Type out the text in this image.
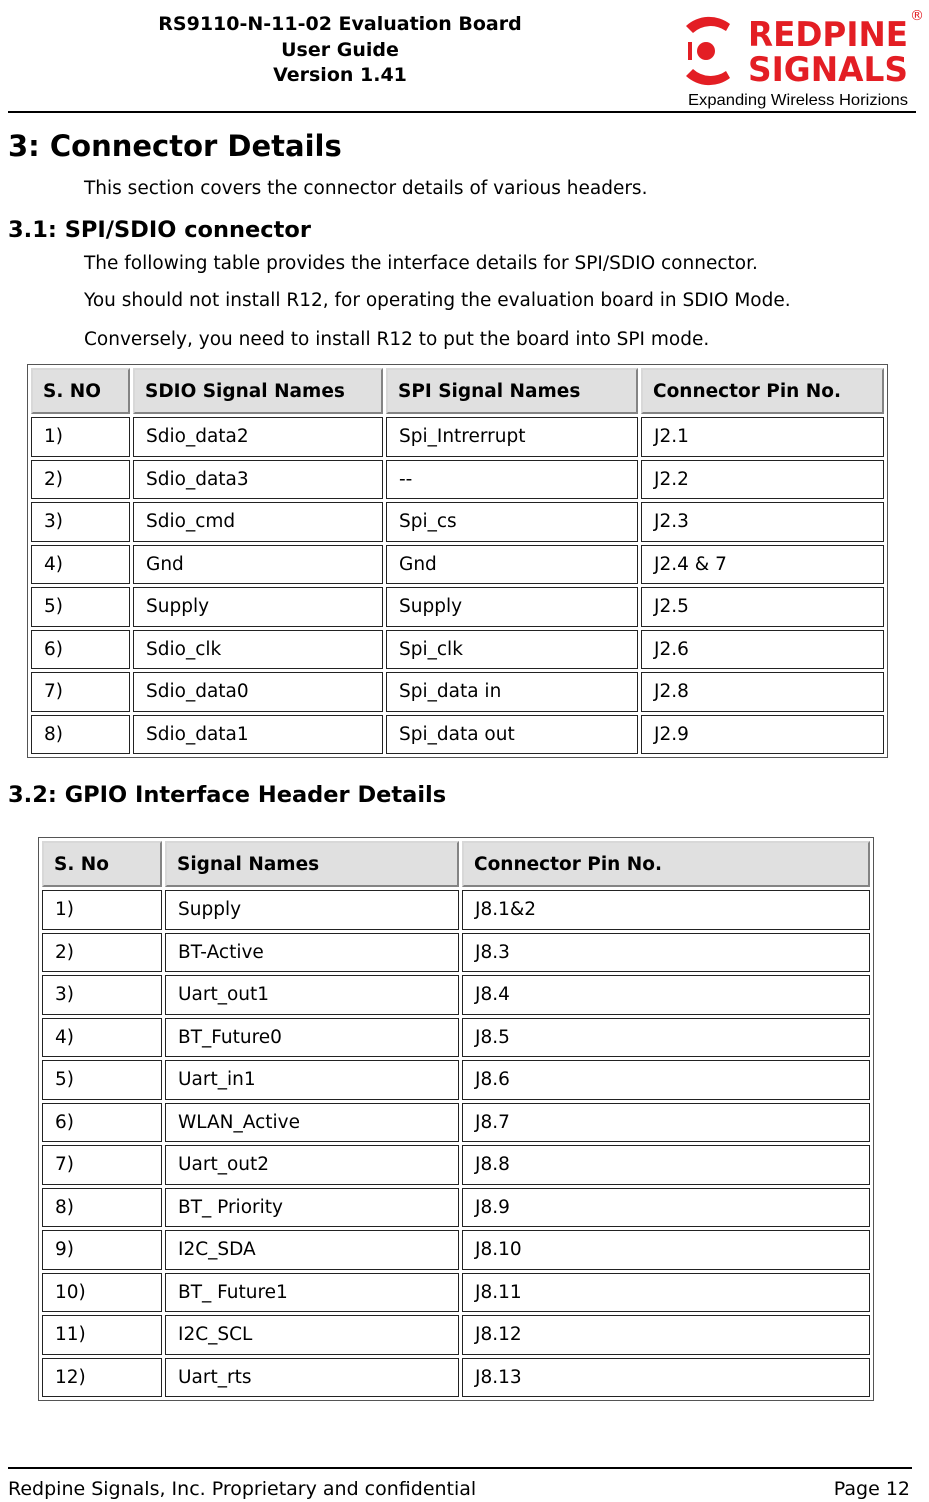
RS9110-N-11-02 Evaluation Board
User Guide
Version 1.41
REDPINE
SIGNALS
®
Expanding Wireless Horizions
3: Connector Details
This section covers the connector details of various headers.
3.1: SPI/SDIO connector
The following table provides the interface details for SPI/SDIO connector.
You should not install R12, for operating the evaluation board in SDIO Mode.
Conversely, you need to install R12 to put the board into SPI mode.
S. NO	SDIO Signal Names	SPI Signal Names	Connector Pin No.
1)	Sdio_data2	Spi_Intrerrupt	J2.1
2)	Sdio_data3	--	J2.2
3)	Sdio_cmd	Spi_cs	J2.3
4)	Gnd	Gnd	J2.4 & 7
5)	Supply	Supply	J2.5
6)	Sdio_clk	Spi_clk	J2.6
7)	Sdio_data0	Spi_data in	J2.8
8)	Sdio_data1	Spi_data out	J2.9
3.2: GPIO Interface Header Details
S. No	Signal Names	Connector Pin No.
1)	Supply	J8.1&2
2)	BT-Active	J8.3
3)	Uart_out1	J8.4
4)	BT_Future0	J8.5
5)	Uart_in1	J8.6
6)	WLAN_Active	J8.7
7)	Uart_out2	J8.8
8)	BT_ Priority	J8.9
9)	I2C_SDA	J8.10
10)	BT_ Future1	J8.11
11)	I2C_SCL	J8.12
12)	Uart_rts	J8.13
Redpine Signals, Inc. Proprietary and confidential	Page 12
